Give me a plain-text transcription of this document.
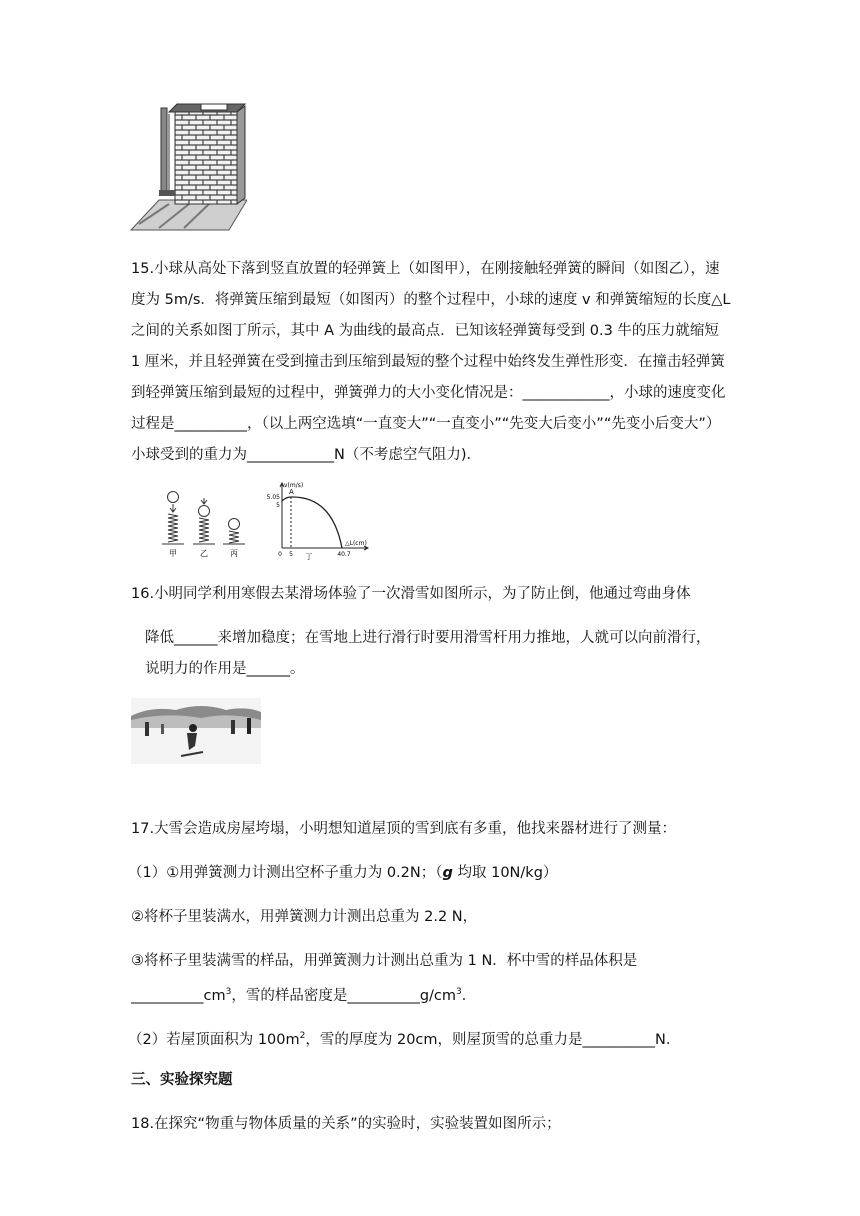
15.小球从高处下落到竖直放置的轻弹簧上（如图甲），在刚接触轻弹簧的瞬间（如图乙），速度为 5m/s．将弹簧压缩到最短（如图丙）的整个过程中，小球的速度 v 和弹簧缩短的长度△L 之间的关系如图丁所示，其中 A 为曲线的最高点．已知该轻弹簧每受到 0.3 牛的压力就缩短 1 厘米，并且轻弹簧在受到撞击到压缩到最短的整个过程中始终发生弹性形变．在撞击轻弹簧到轻弹簧压缩到最短的过程中，弹簧弹力的大小变化情况是：____________，小球的速度变化过程是__________，（以上两空选填“一直变大”“一直变小”“先变大后变小”“先变小后变大”）小球受到的重力为____________N（不考虑空气阻力)．

甲	乙	丙
v(m/s)
5.05
5
A
0 5	40.7
△L(cm)
丁
16.小明同学利用寒假去某滑场体验了一次滑雪如图所示，为了防止倒，他通过弯曲身体
降低______来增加稳度；在雪地上进行滑行时要用滑雪杆用力推地，人就可以向前滑行，
说明力的作用是______。
17.大雪会造成房屋垮塌，小明想知道屋顶的雪到底有多重，他找来器材进行了测量：
（1）①用弹簧测力计测出空杯子重力为 0.2N；（g 均取 10N/kg）
②将杯子里装满水，用弹簧测力计测出总重为 2.2 N，
③将杯子里装满雪的样品，用弹簧测力计测出总重为 1 N．杯中雪的样品体积是
$\_\_\_\_\_\_\_\_\_\_cm^3$，雪的样品密度是$\_\_\_\_\_\_\_\_\_\_g/cm^3$．
（2）若屋顶面积为 $100m^2$，雪的厚度为 20cm，则屋顶雪的总重力是__________N．
三、实验探究题
18.在探究“物重与物体质量的关系”的实验时，实验装置如图所示；
